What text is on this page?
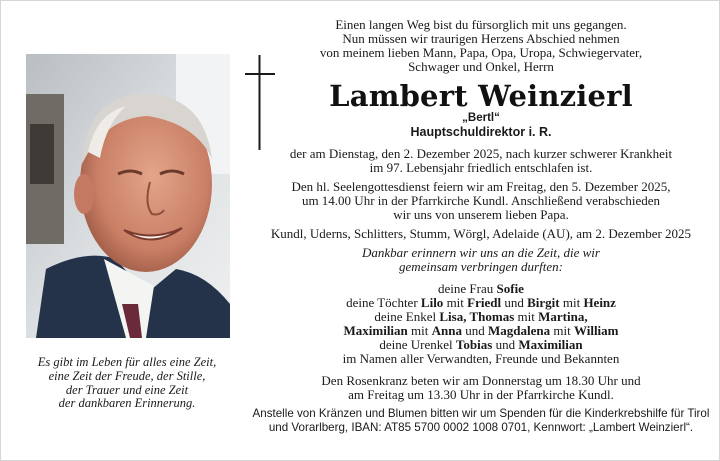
Es gibt im Leben für alles eine Zeit,
eine Zeit der Freude, der Stille,
der Trauer und eine Zeit
der dankbaren Erinnerung.

Einen langen Weg bist du fürsorglich mit uns gegangen.
Nun müssen wir traurigen Herzens Abschied nehmen
von meinem lieben Mann, Papa, Opa, Uropa, Schwiegervater,
Schwager und Onkel, Herrn

Lambert Weinzierl

„Bertl“

Hauptschuldirektor i. R.

der am Dienstag, den 2. Dezember 2025, nach kurzer schwerer Krankheit
im 97. Lebensjahr friedlich entschlafen ist.

Den hl. Seelengottesdienst feiern wir am Freitag, den 5. Dezember 2025,
um 14.00 Uhr in der Pfarrkirche Kundl. Anschließend verabschieden
wir uns von unserem lieben Papa.

Kundl, Uderns, Schlitters, Stumm, Wörgl, Adelaide (AU), am 2. Dezember 2025

Dankbar erinnern wir uns an die Zeit, die wir
gemeinsam verbringen durften:

deine Frau Sofie
deine Töchter Lilo mit Friedl und Birgit mit Heinz
deine Enkel Lisa, Thomas mit Martina,
Maximilian mit Anna und Magdalena mit William
deine Urenkel Tobias und Maximilian
im Namen aller Verwandten, Freunde und Bekannten

Den Rosenkranz beten wir am Donnerstag um 18.30 Uhr und
am Freitag um 13.30 Uhr in der Pfarrkirche Kundl.

Anstelle von Kränzen und Blumen bitten wir um Spenden für die Kinderkrebshilfe für Tirol
und Vorarlberg, IBAN: AT85 5700 0002 1008 0701, Kennwort: „Lambert Weinzierl“.
